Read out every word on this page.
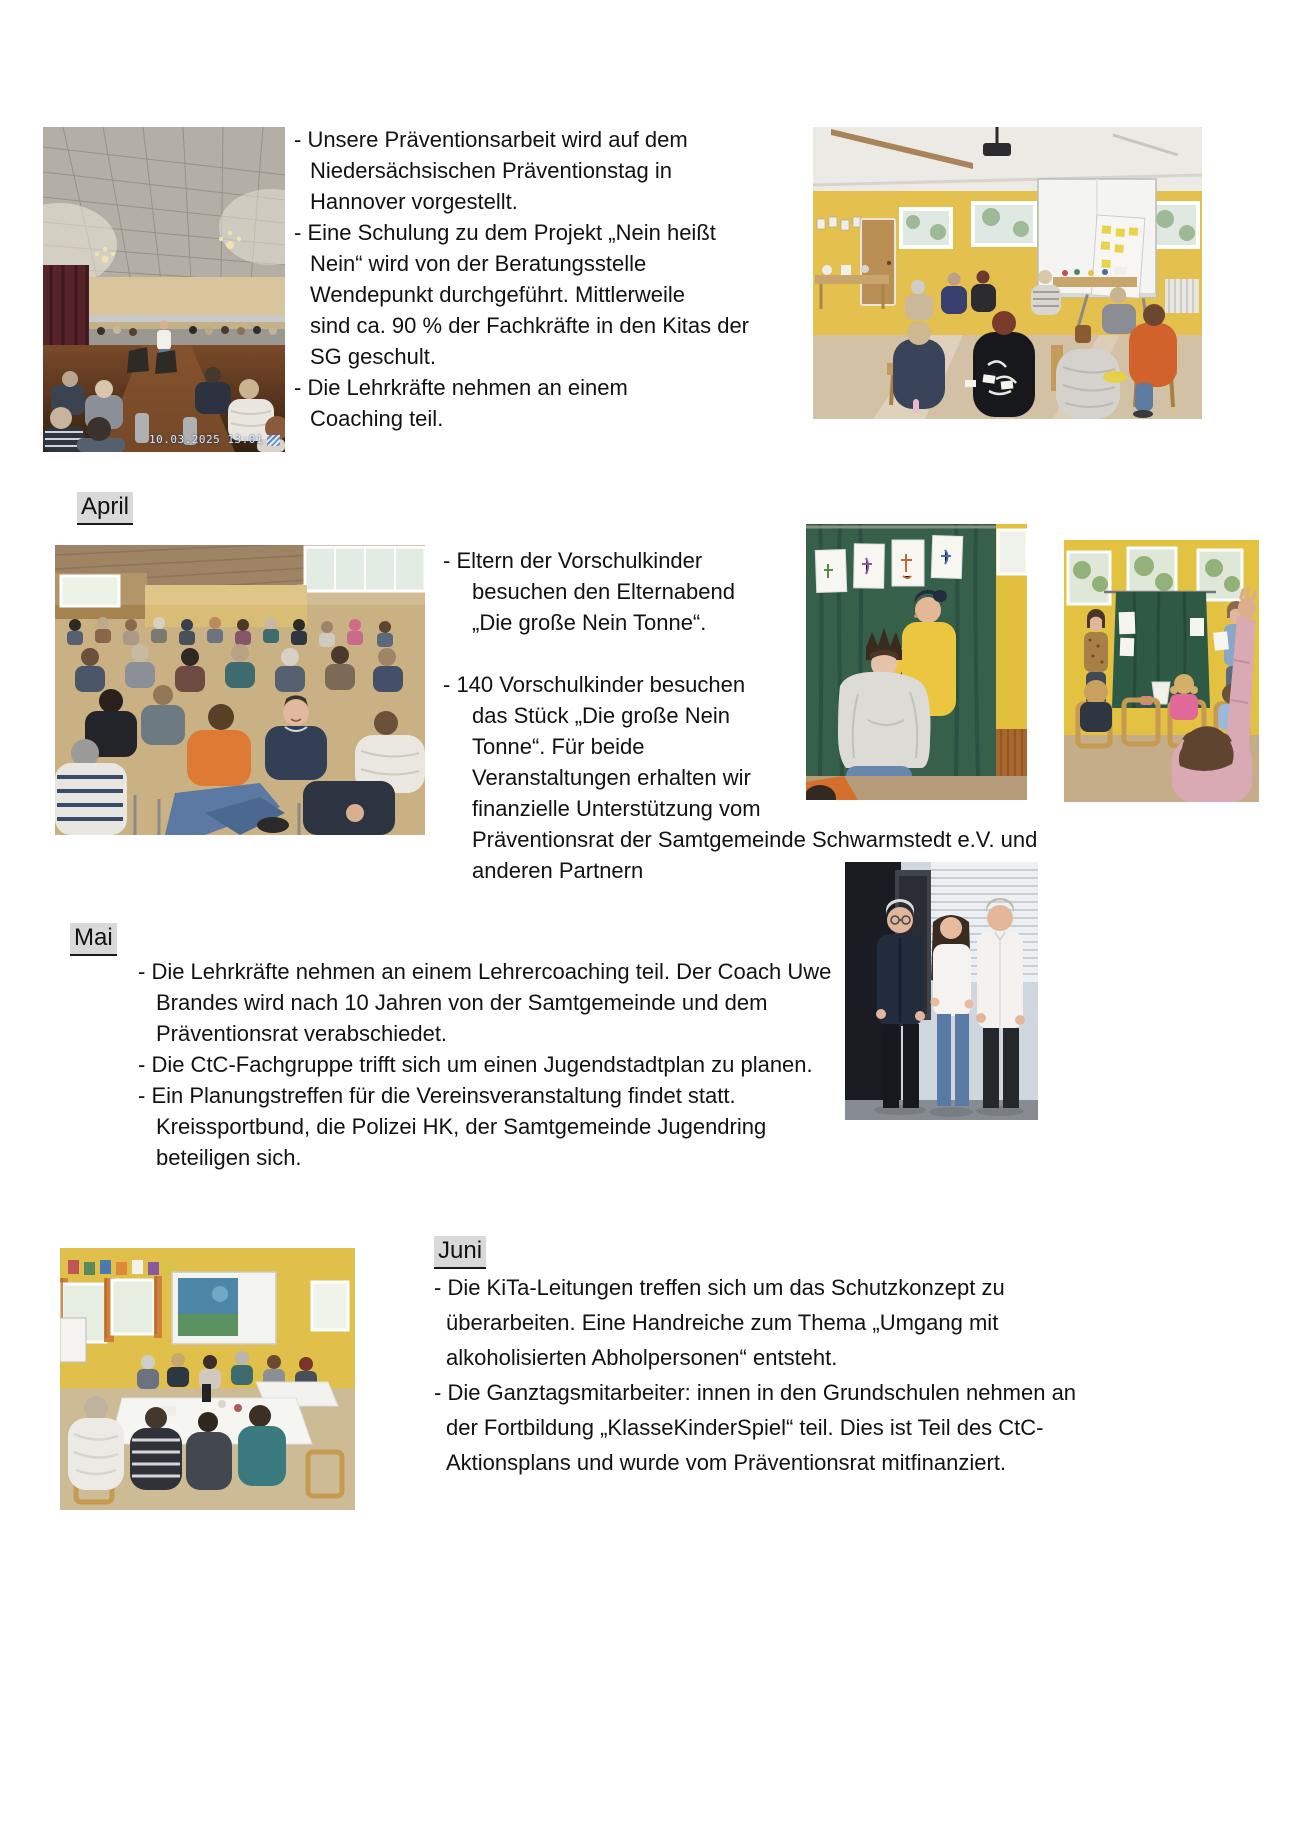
10.03.2025 13:01
- Unsere Präventionsarbeit wird auf dem
Niedersächsischen Präventionstag in
Hannover vorgestellt.
- Eine Schulung zu dem Projekt „Nein heißt
Nein“ wird von der Beratungsstelle
Wendepunkt durchgeführt. Mittlerweile
sind ca. 90 % der Fachkräfte in den Kitas der
SG geschult.
- Die Lehrkräfte nehmen an einem
Coaching teil.
April
- Eltern der Vorschulkinder
besuchen den Elternabend
„Die große Nein Tonne“.
- 140 Vorschulkinder besuchen
das Stück „Die große Nein
Tonne“. Für beide
Veranstaltungen erhalten wir
finanzielle Unterstützung vom
Präventionsrat der Samtgemeinde Schwarmstedt e.V. und
anderen Partnern
Mai
- Die Lehrkräfte nehmen an einem Lehrercoaching teil. Der Coach Uwe
Brandes wird nach 10 Jahren von der Samtgemeinde und dem
Präventionsrat verabschiedet.
- Die CtC-Fachgruppe trifft sich um einen Jugendstadtplan zu planen.
- Ein Planungstreffen für die Vereinsveranstaltung findet statt.
Kreissportbund, die Polizei HK, der Samtgemeinde Jugendring
beteiligen sich.
Juni
- Die KiTa-Leitungen treffen sich um das Schutzkonzept zu
überarbeiten. Eine Handreiche zum Thema „Umgang mit
alkoholisierten Abholpersonen“ entsteht.
- Die Ganztagsmitarbeiter: innen in den Grundschulen nehmen an
der Fortbildung „KlasseKinderSpiel“ teil. Dies ist Teil des CtC-
Aktionsplans und wurde vom Präventionsrat mitfinanziert.
